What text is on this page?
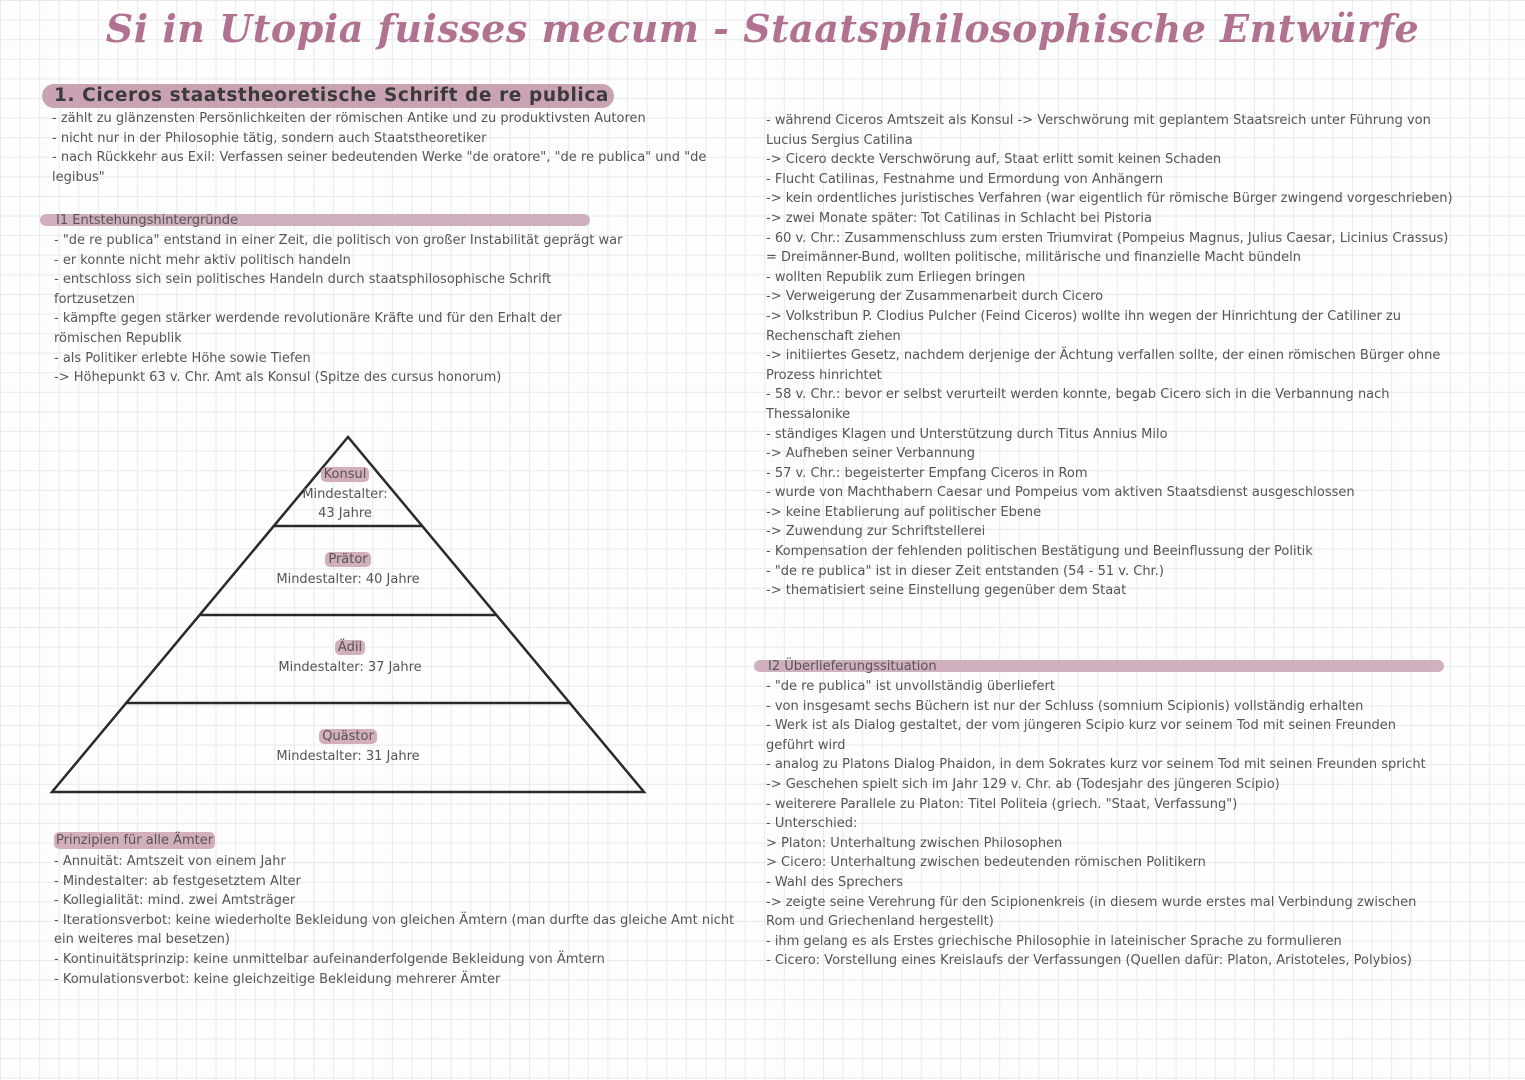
Si in Utopia fuisses mecum - Staatsphilosophische Entwürfe
1. Ciceros staatstheoretische Schrift de re publica
- zählt zu glänzensten Persönlichkeiten der römischen Antike und zu produktivsten Autoren
- nicht nur in der Philosophie tätig, sondern auch Staatstheoretiker
- nach Rückkehr aus Exil: Verfassen seiner bedeutenden Werke "de oratore", "de re publica" und "de
legibus"
I1 Entstehungshintergründe
- "de re publica" entstand in einer Zeit, die politisch von großer Instabilität geprägt war
- er konnte nicht mehr aktiv politisch handeln
- entschloss sich sein politisches Handeln durch staatsphilosophische Schrift
fortzusetzen
- kämpfte gegen stärker werdende revolutionäre Kräfte und für den Erhalt der
römischen Republik
- als Politiker erlebte Höhe sowie Tiefen
-> Höhepunkt 63 v. Chr. Amt als Konsul (Spitze des cursus honorum)
Konsul
Mindestalter:
43 Jahre
Prätor
Mindestalter: 40 Jahre
Ädil
Mindestalter: 37 Jahre
Quästor
Mindestalter: 31 Jahre
Prinzipien für alle Ämter
- Annuität: Amtszeit von einem Jahr
- Mindestalter: ab festgesetztem Alter
- Kollegialität: mind. zwei Amtsträger
- Iterationsverbot: keine wiederholte Bekleidung von gleichen Ämtern (man durfte das gleiche Amt nicht
ein weiteres mal besetzen)
- Kontinuitätsprinzip: keine unmittelbar aufeinanderfolgende Bekleidung von Ämtern
- Komulationsverbot: keine gleichzeitige Bekleidung mehrerer Ämter
- während Ciceros Amtszeit als Konsul -> Verschwörung mit geplantem Staatsreich unter Führung von
Lucius Sergius Catilina
-> Cicero deckte Verschwörung auf, Staat erlitt somit keinen Schaden
- Flucht Catilinas, Festnahme und Ermordung von Anhängern
-> kein ordentliches juristisches Verfahren (war eigentlich für römische Bürger zwingend vorgeschrieben)
-> zwei Monate später: Tot Catilinas in Schlacht bei Pistoria
- 60 v. Chr.: Zusammenschluss zum ersten Triumvirat (Pompeius Magnus, Julius Caesar, Licinius Crassus)
= Dreimänner-Bund, wollten politische, militärische und finanzielle Macht bündeln
- wollten Republik zum Erliegen bringen
-> Verweigerung der Zusammenarbeit durch Cicero
-> Volkstribun P. Clodius Pulcher (Feind Ciceros) wollte ihn wegen der Hinrichtung der Catiliner zu
Rechenschaft ziehen
-> initiiertes Gesetz, nachdem derjenige der Ächtung verfallen sollte, der einen römischen Bürger ohne
Prozess hinrichtet
- 58 v. Chr.: bevor er selbst verurteilt werden konnte, begab Cicero sich in die Verbannung nach
Thessalonike
- ständiges Klagen und Unterstützung durch Titus Annius Milo
-> Aufheben seiner Verbannung
- 57 v. Chr.: begeisterter Empfang Ciceros in Rom
- wurde von Machthabern Caesar und Pompeius vom aktiven Staatsdienst ausgeschlossen
-> keine Etablierung auf politischer Ebene
-> Zuwendung zur Schriftstellerei
- Kompensation der fehlenden politischen Bestätigung und Beeinflussung der Politik
- "de re publica" ist in dieser Zeit entstanden (54 - 51 v. Chr.)
-> thematisiert seine Einstellung gegenüber dem Staat
I2 Überlieferungssituation
- "de re publica" ist unvollständig überliefert
- von insgesamt sechs Büchern ist nur der Schluss (somnium Scipionis) vollständig erhalten
- Werk ist als Dialog gestaltet, der vom jüngeren Scipio kurz vor seinem Tod mit seinen Freunden
geführt wird
- analog zu Platons Dialog Phaidon, in dem Sokrates kurz vor seinem Tod mit seinen Freunden spricht
-> Geschehen spielt sich im Jahr 129 v. Chr. ab (Todesjahr des jüngeren Scipio)
- weiterere Parallele zu Platon: Titel Politeia (griech. "Staat, Verfassung")
- Unterschied:
> Platon: Unterhaltung zwischen Philosophen
> Cicero: Unterhaltung zwischen bedeutenden römischen Politikern
- Wahl des Sprechers
-> zeigte seine Verehrung für den Scipionenkreis (in diesem wurde erstes mal Verbindung zwischen
Rom und Griechenland hergestellt)
- ihm gelang es als Erstes griechische Philosophie in lateinischer Sprache zu formulieren
- Cicero: Vorstellung eines Kreislaufs der Verfassungen (Quellen dafür: Platon, Aristoteles, Polybios)
